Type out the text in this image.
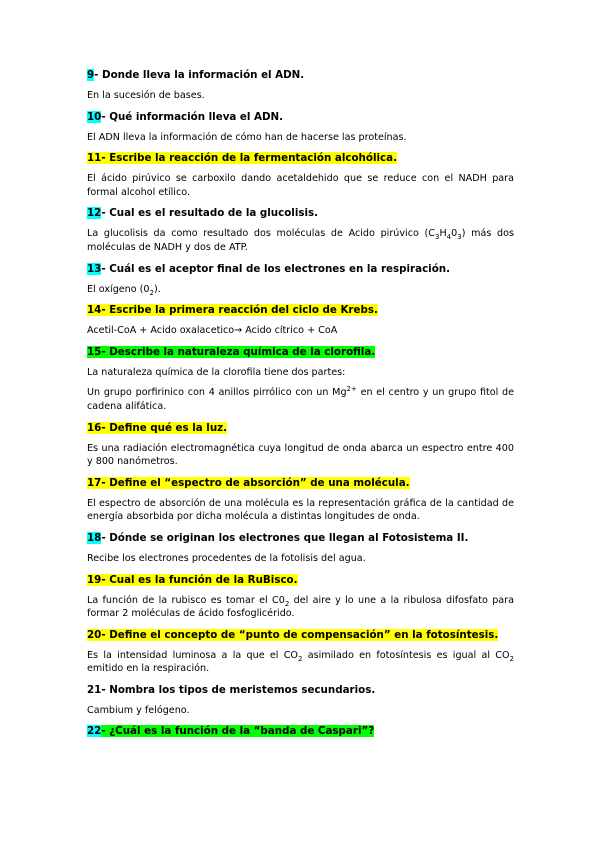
9- Donde lleva la información el ADN.
En la sucesión de bases.
10- Qué información lleva el ADN.
El ADN lleva la información de cómo han de hacerse las proteínas.
11- Escribe la reacción de la fermentación alcohólica.
El ácido pirúvico se carboxilo dando acetaldehido que se reduce con el NADH para formal alcohol etílico.
12- Cual es el resultado de la glucolisis.
La glucolisis da como resultado dos moléculas de Acido pirúvico $(C_3H_40_3)$ más dos moléculas de NADH y dos de ATP.
13- Cuál es el aceptor final de los electrones en la respiración.
El oxígeno $(0_2)$.
14- Escribe la primera reacción del ciclo de Krebs.
Acetil-CoA + Acido oxalacetico→ Acido cítrico + CoA
15- Describe la naturaleza química de la clorofila.
La naturaleza química de la clorofila tiene dos partes:
Un grupo porfirinico con 4 anillos pirrólico con un $Mg^{2+}$ en el centro y un grupo fitol de cadena alifática.
16- Define qué es la luz.
Es una radiación electromagnética cuya longitud de onda abarca un espectro entre 400 y 800 nanómetros.
17- Define el “espectro de absorción” de una molécula.
El espectro de absorción de una molécula es la representación gráfica de la cantidad de energía absorbida por dicha molécula a distintas longitudes de onda.
18- Dónde se originan los electrones que llegan al Fotosistema II.
Recibe los electrones procedentes de la fotolisis del agua.
19- Cual es la función de la RuBisco.
La función de la rubisco es tomar el $C0_2$ del aire y lo une a la ribulosa difosfato para formar 2 moléculas de ácido fosfoglicérido.
20- Define el concepto de “punto de compensación” en la fotosíntesis.
Es la intensidad luminosa a la que el $CO_2$ asimilado en fotosíntesis es igual al $CO_2$ emitido en la respiración.
21- Nombra los tipos de meristemos secundarios.
Cambium y felógeno.
22- ¿Cuál es la función de la “banda de Caspari”?
